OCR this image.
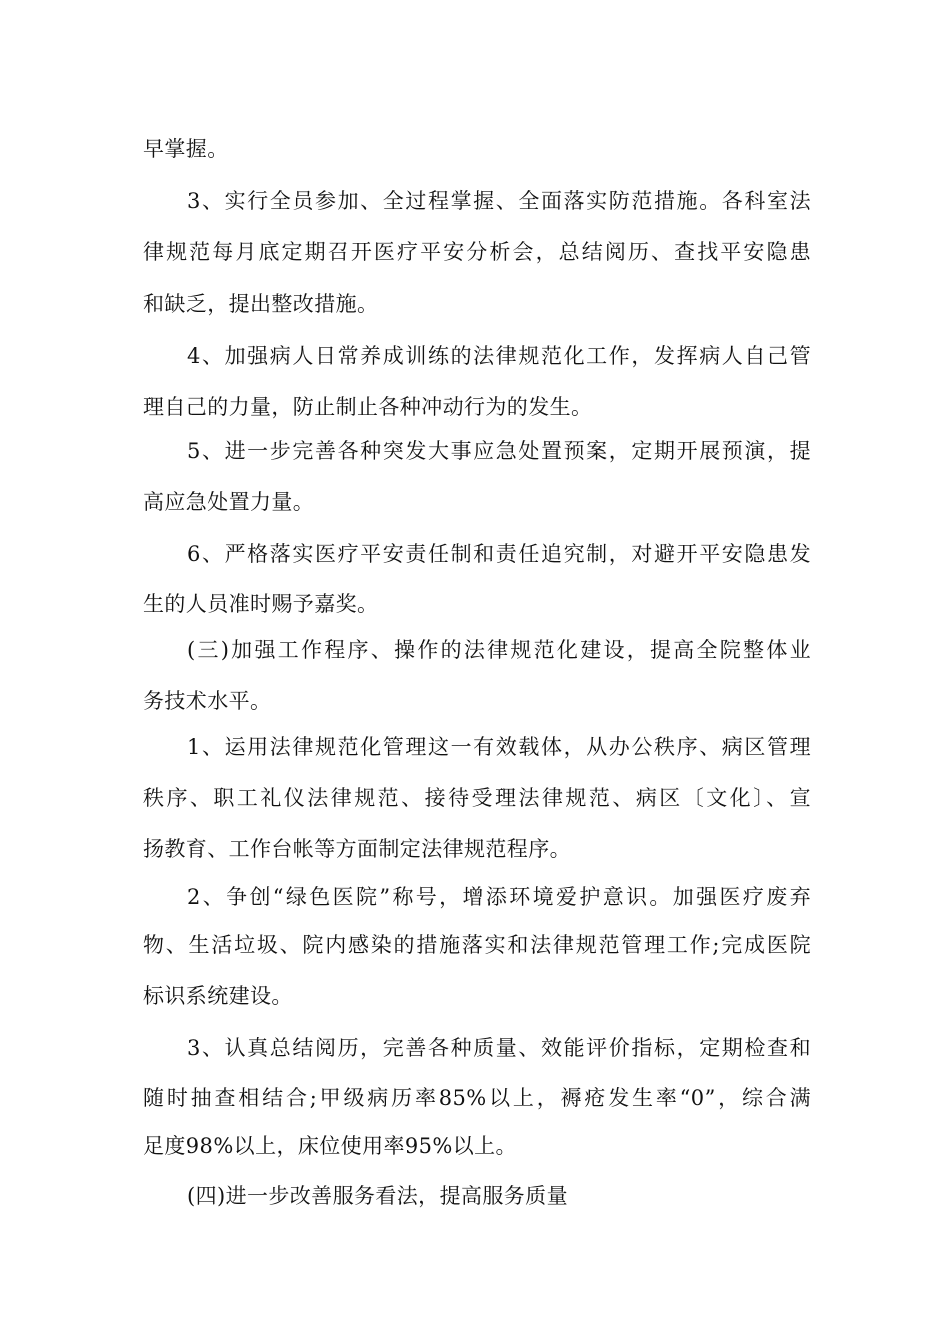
早掌握。
3、实行全员参加、全过程掌握、全面落实防范措施。各科室法
律规范每月底定期召开医疗平安分析会，总结阅历、查找平安隐患
和缺乏，提出整改措施。
4、加强病人日常养成训练的法律规范化工作，发挥病人自己管
理自己的力量，防止制止各种冲动行为的发生。
5、进一步完善各种突发大事应急处置预案，定期开展预演，提
高应急处置力量。
6、严格落实医疗平安责任制和责任追究制，对避开平安隐患发
生的人员准时赐予嘉奖。
(三)加强工作程序、操作的法律规范化建设，提高全院整体业
务技术水平。
1、运用法律规范化管理这一有效载体，从办公秩序、病区管理
秩序、职工礼仪法律规范、接待受理法律规范、病区〔文化〕、宣
扬教育、工作台帐等方面制定法律规范程序。
2、争创“绿色医院”称号，增添环境爱护意识。加强医疗废弃
物、生活垃圾、院内感染的措施落实和法律规范管理工作;完成医院
标识系统建设。
3、认真总结阅历，完善各种质量、效能评价指标，定期检查和
随时抽查相结合;甲级病历率85%以上，褥疮发生率“0”，综合满
足度98%以上，床位使用率95%以上。
(四)进一步改善服务看法，提高服务质量
